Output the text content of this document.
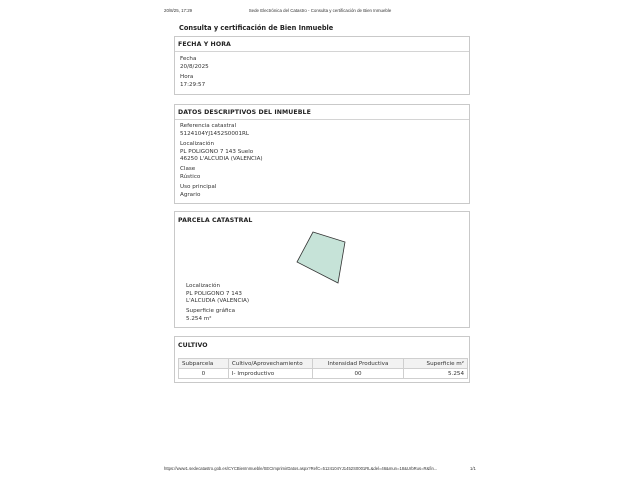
20/8/25, 17:29	Sede Electrónica del Catastro - Consulta y certificación de Bien Inmueble
Consulta y certificación de Bien Inmueble
FECHA Y HORA
Fecha
20/8/2025
Hora
17:29:57
DATOS DESCRIPTIVOS DEL INMUEBLE
Referencia catastral
5124104YJ1452S0001RL
Localización
PL POLIGONO 7 143 Suelo
46250 L'ALCUDIA (VALENCIA)
Clase
Rústico
Uso principal
Agrario
PARCELA CATASTRAL
Localización
PL POLIGONO 7 143
L'ALCUDIA (VALENCIA)
Superficie gráfica
5.254 m²
CULTIVO
Subparcela	Cultivo/Aprovechamiento	Intensidad Productiva	Superficie m²
0	I- Improductivo	00	5.254
https://www1.sedecatastro.gob.es/CYCBienInmueble/SECImprimirDatos.aspx?RefC=5124104YJ1452S0001RL&del=46&mun=18&UrbRus=R&fin...	1/1
